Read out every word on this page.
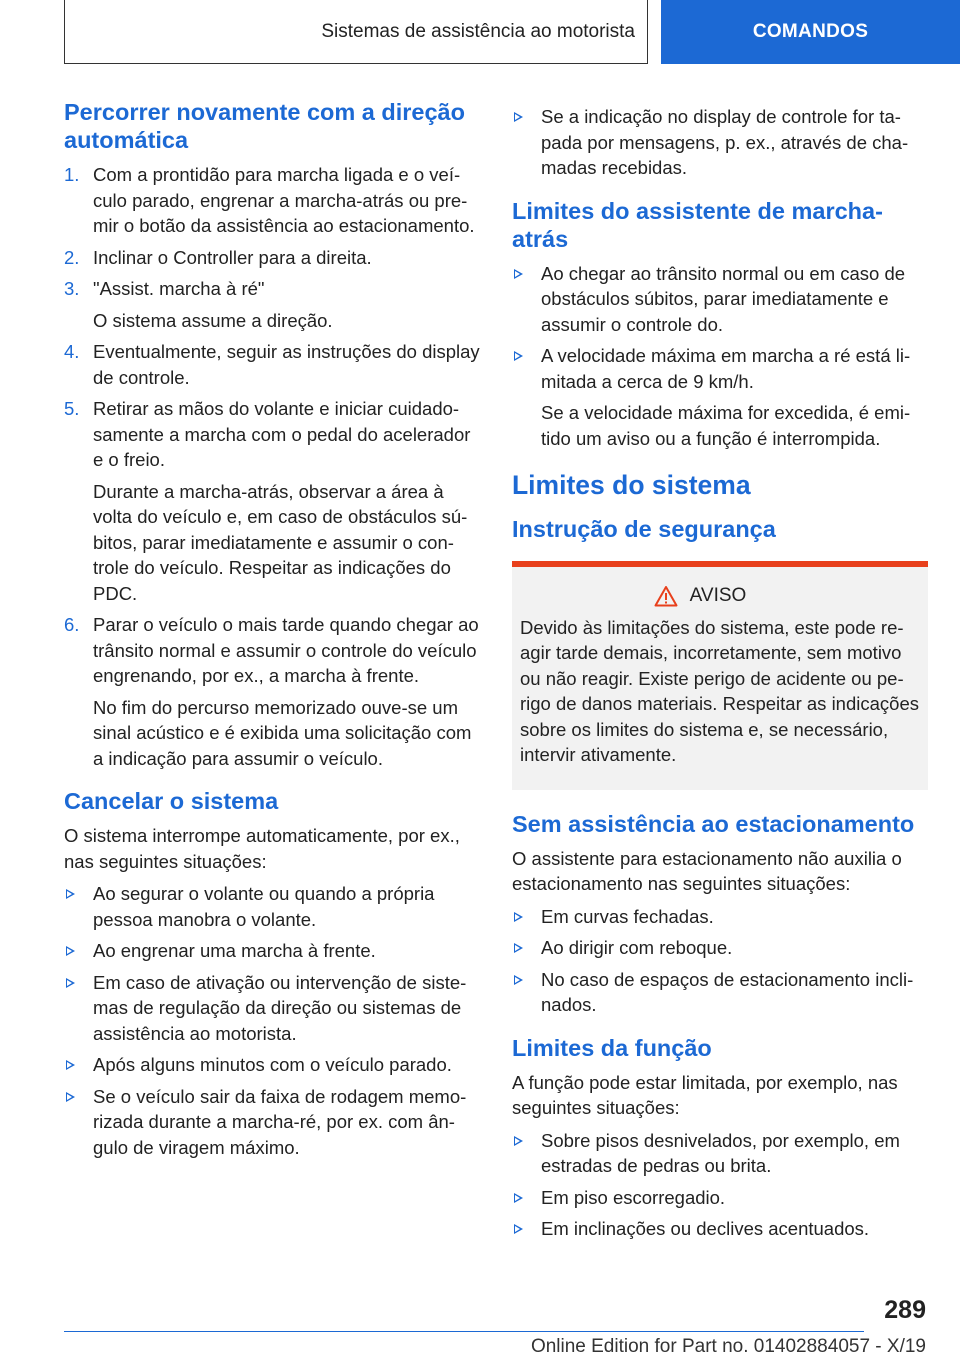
Sistemas de assistência ao motorista	COMANDOS
Percorrer novamente com a direção automática
1. Com a prontidão para marcha ligada e o veículo parado, engrenar a marcha-atrás ou premir o botão da assistência ao estacionamento.
2. Inclinar o Controller para a direita.
3. "Assist. marcha à ré"
O sistema assume a direção.
4. Eventualmente, seguir as instruções do display de controle.
5. Retirar as mãos do volante e iniciar cuidadosamente a marcha com o pedal do acelerador e o freio.
Durante a marcha-atrás, observar a área à volta do veículo e, em caso de obstáculos súbitos, parar imediatamente e assumir o controle do veículo. Respeitar as indicações do PDC.
6. Parar o veículo o mais tarde quando chegar ao trânsito normal e assumir o controle do veículo engrenando, por ex., a marcha à frente.
No fim do percurso memorizado ouve-se um sinal acústico e é exibida uma solicitação com a indicação para assumir o veículo.
Cancelar o sistema

O sistema interrompe automaticamente, por ex., nas seguintes situações:

Ao segurar o volante ou quando a própria pessoa manobra o volante.
Ao engrenar uma marcha à frente.
Em caso de ativação ou intervenção de sistemas de regulação da direção ou sistemas de assistência ao motorista.
Após alguns minutos com o veículo parado.
Se o veículo sair da faixa de rodagem memorizada durante a marcha-ré, por ex. com ângulo de viragem máximo.
Se a indicação no display de controle for tapada por mensagens, p. ex., através de chamadas recebidas.
Limites do assistente de marcha-atrás
Ao chegar ao trânsito normal ou em caso de obstáculos súbitos, parar imediatamente e assumir o controle do.
A velocidade máxima em marcha a ré está limitada a cerca de 9 km/h.
Se a velocidade máxima for excedida, é emitido um aviso ou a função é interrompida.
Limites do sistema
Instrução de segurança
AVISO
Devido às limitações do sistema, este pode reagir tarde demais, incorretamente, sem motivo ou não reagir. Existe perigo de acidente ou perigo de danos materiais. Respeitar as indicações sobre os limites do sistema e, se necessário, intervir ativamente.
Sem assistência ao estacionamento

O assistente para estacionamento não auxilia o estacionamento nas seguintes situações:

Em curvas fechadas.
Ao dirigir com reboque.
No caso de espaços de estacionamento inclinados.
Limites da função

A função pode estar limitada, por exemplo, nas seguintes situações:

Sobre pisos desnivelados, por exemplo, em estradas de pedras ou brita.
Em piso escorregadio.
Em inclinações ou declives acentuados.
289
Online Edition for Part no. 01402884057 - X/19
